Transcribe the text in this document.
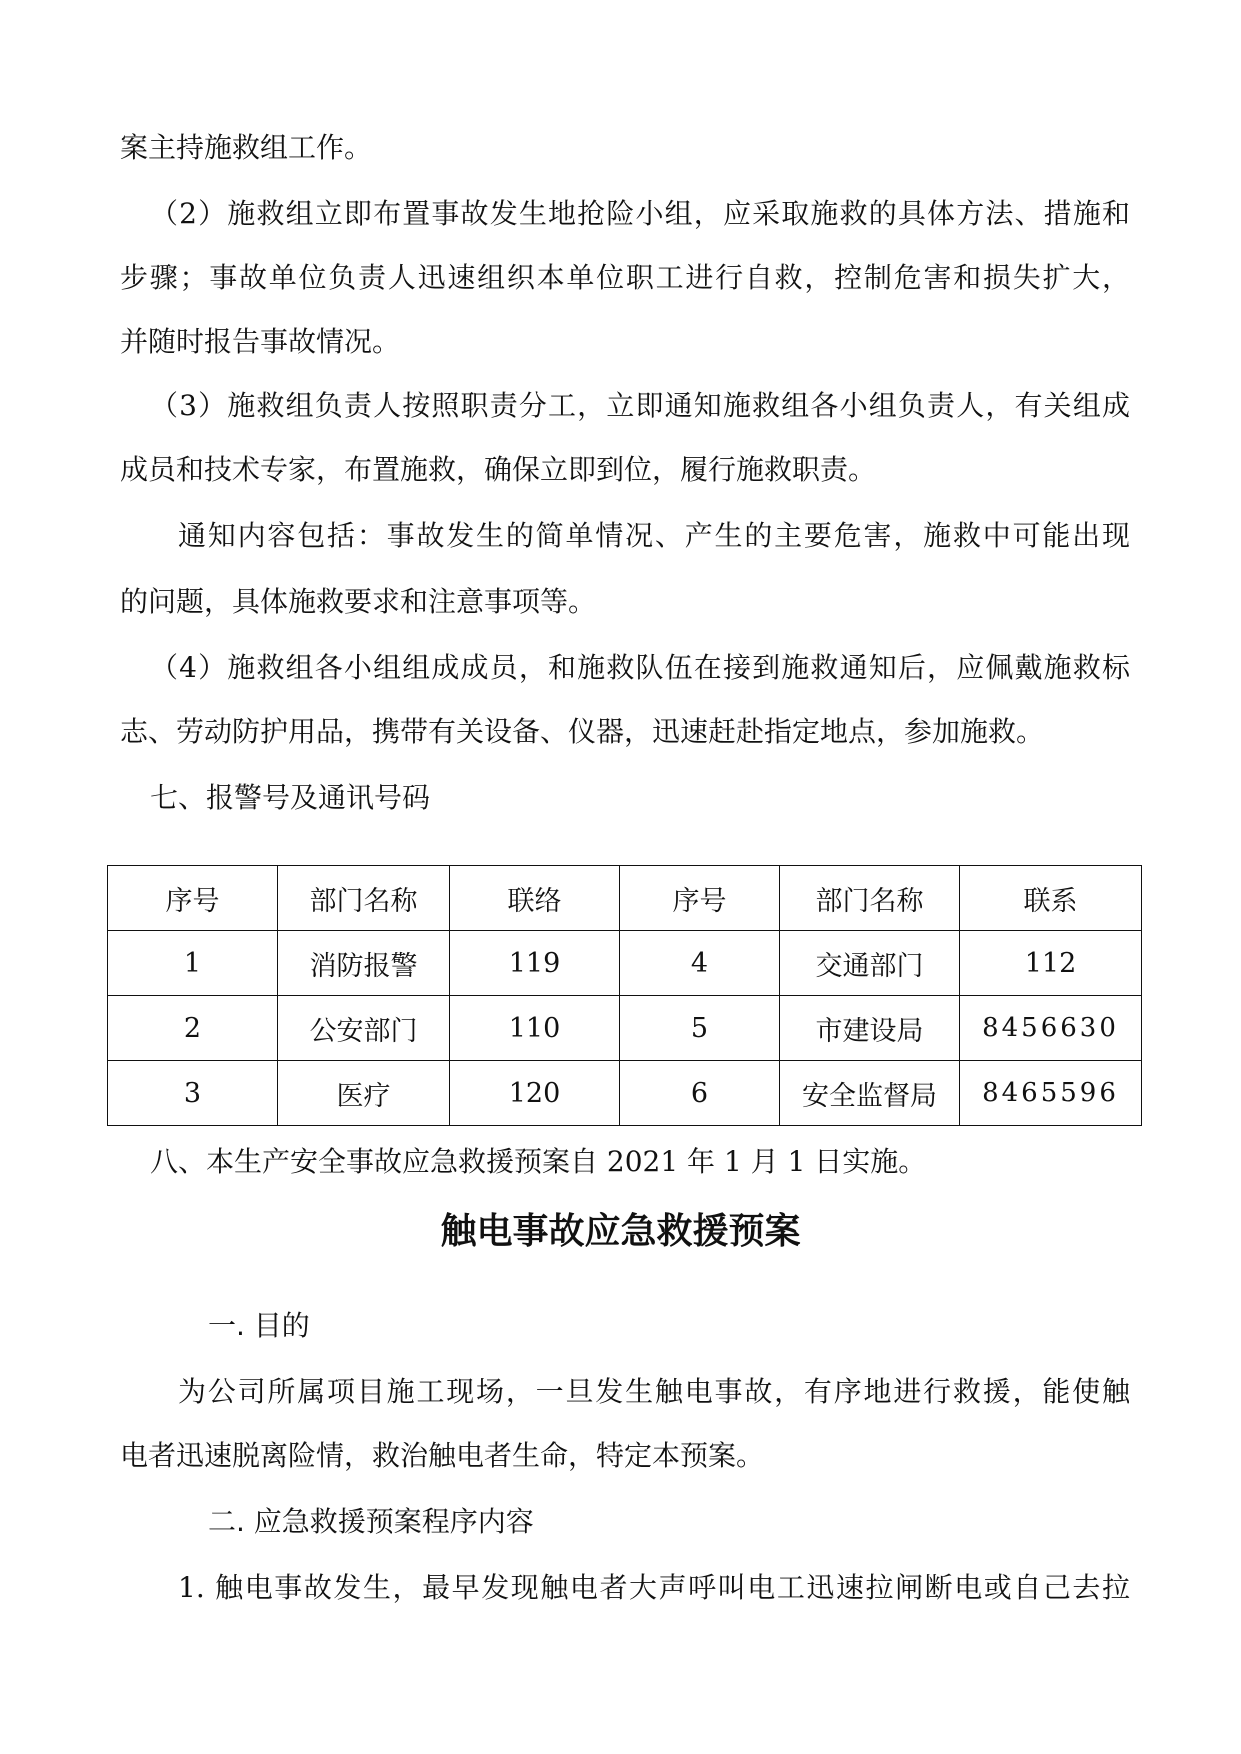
案主持施救组工作。
（2）施救组立即布置事故发生地抢险小组，应采取施救的具体方法、措施和
步骤；事故单位负责人迅速组织本单位职工进行自救，控制危害和损失扩大，
并随时报告事故情况。
（3）施救组负责人按照职责分工，立即通知施救组各小组负责人，有关组成
成员和技术专家，布置施救，确保立即到位，履行施救职责。
通知内容包括：事故发生的简单情况、产生的主要危害，施救中可能出现
的问题，具体施救要求和注意事项等。
（4）施救组各小组组成成员，和施救队伍在接到施救通知后，应佩戴施救标
志、劳动防护用品，携带有关设备、仪器，迅速赶赴指定地点，参加施救。
七、报警号及通讯号码
序号	部门名称	联络	序号	部门名称	联系
1	消防报警	119	4	交通部门	112
2	公安部门	110	5	市建设局	8456630
3	医疗	120	6	安全监督局	8465596
八、本生产安全事故应急救援预案自 2021 年 1 月 1 日实施。
触电事故应急救援预案
一. 目的
为公司所属项目施工现场，一旦发生触电事故，有序地进行救援，能使触
电者迅速脱离险情，救治触电者生命，特定本预案。
二. 应急救援预案程序内容
1. 触电事故发生，最早发现触电者大声呼叫电工迅速拉闸断电或自己去拉
